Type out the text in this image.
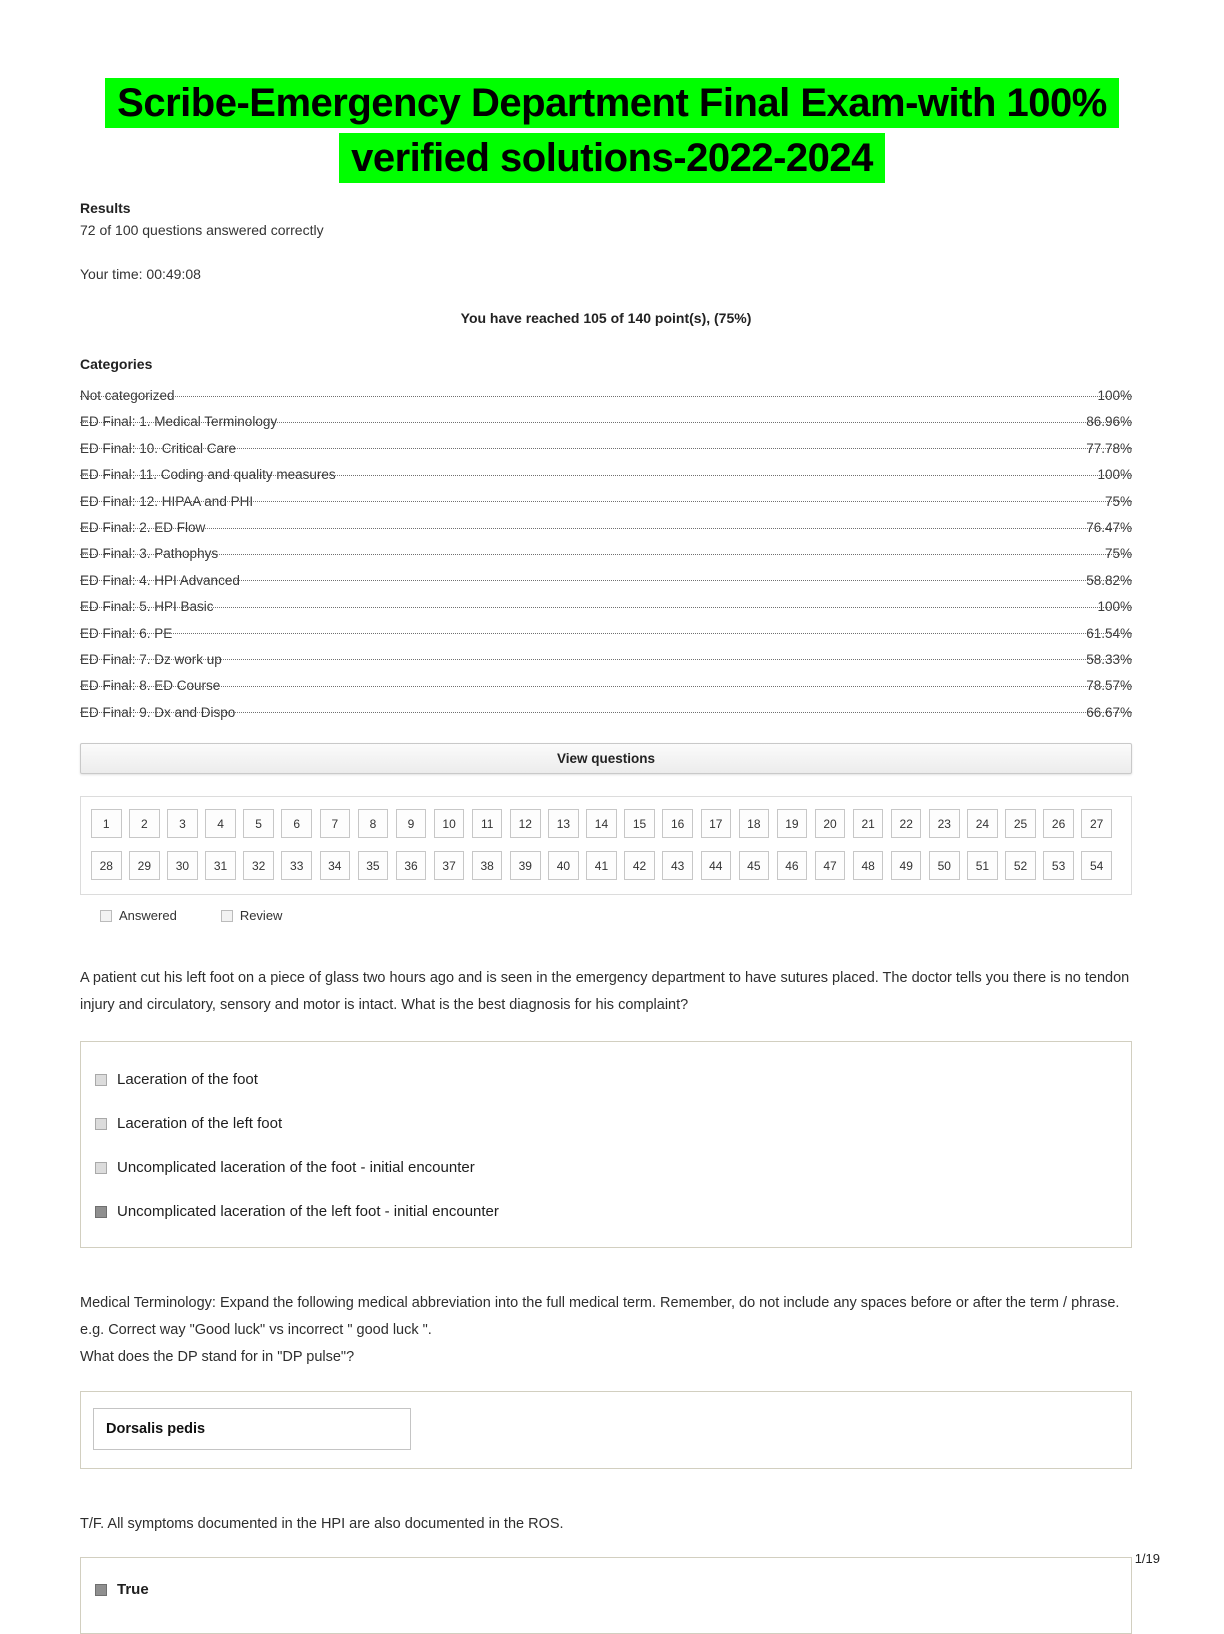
Scribe-Emergency Department Final Exam-with 100% verified solutions-2022-2024
Results
72 of 100 questions answered correctly
Your time: 00:49:08
You have reached 105 of 140 point(s), (75%)
Categories
Not categorized	100%
ED Final: 1. Medical Terminology	86.96%
ED Final: 10. Critical Care	77.78%
ED Final: 11. Coding and quality measures	100%
ED Final: 12. HIPAA and PHI	75%
ED Final: 2. ED Flow	76.47%
ED Final: 3. Pathophys	75%
ED Final: 4. HPI Advanced	58.82%
ED Final: 5. HPI Basic	100%
ED Final: 6. PE	61.54%
ED Final: 7. Dz work up	58.33%
ED Final: 8. ED Course	78.57%
ED Final: 9. Dx and Dispo	66.67%
View questions
1	2	3	4	5	6	7	8	9	10	11	12	13	14	15	16	17	18	19	20	21	22	23	24	25	26	27
28	29	30	31	32	33	34	35	36	37	38	39	40	41	42	43	44	45	46	47	48	49	50	51	52	53	54
Answered	Review

A patient cut his left foot on a piece of glass two hours ago and is seen in the emergency department to have sutures placed. The doctor tells you there is no tendon injury and circulatory, sensory and motor is intact. What is the best diagnosis for his complaint?

Laceration of the foot
Laceration of the left foot
Uncomplicated laceration of the foot - initial encounter
Uncomplicated laceration of the left foot - initial encounter

Medical Terminology: Expand the following medical abbreviation into the full medical term. Remember, do not include any spaces before or after the term / phrase.

e.g. Correct way "Good luck" vs incorrect " good luck ".

What does the DP stand for in "DP pulse"?

Dorsalis pedis

T/F. All symptoms documented in the HPI are also documented in the ROS.

True
1/19
